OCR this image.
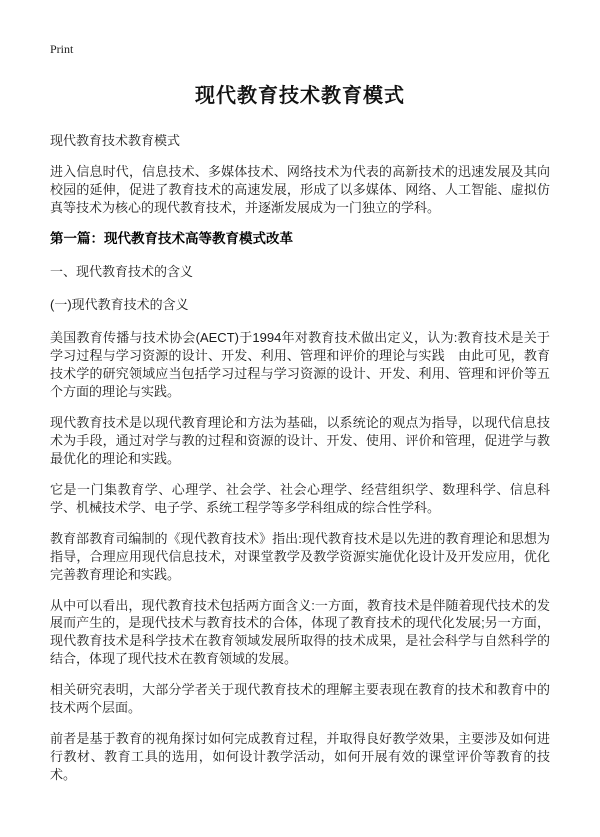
Print
现代教育技术教育模式

现代教育技术教育模式

进入信息时代，信息技术、多媒体技术、网络技术为代表的高新技术的迅速发展及其向校园的延伸，促进了教育技术的高速发展，形成了以多媒体、网络、人工智能、虚拟仿真等技术为核心的现代教育技术，并逐渐发展成为一门独立的学科。

第一篇：现代教育技术高等教育模式改革

一、现代教育技术的含义

(一)现代教育技术的含义

美国教育传播与技术协会(AECT)于1994年对教育技术做出定义，认为:教育技术是关于学习过程与学习资源的设计、开发、利用、管理和评价的理论与实践　由此可见，教育技术学的研究领域应当包括学习过程与学习资源的设计、开发、利用、管理和评价等五个方面的理论与实践。

现代教育技术是以现代教育理论和方法为基础，以系统论的观点为指导，以现代信息技术为手段，通过对学与教的过程和资源的设计、开发、使用、评价和管理，促进学与教最优化的理论和实践。

它是一门集教育学、心理学、社会学、社会心理学、经营组织学、数理科学、信息科学、机械技术学、电子学、系统工程学等多学科组成的综合性学科。

教育部教育司编制的《现代教育技术》指出:现代教育技术是以先进的教育理论和思想为指导，合理应用现代信息技术，对课堂教学及教学资源实施优化设计及开发应用，优化完善教育理论和实践。

从中可以看出，现代教育技术包括两方面含义:一方面，教育技术是伴随着现代技术的发展而产生的，是现代技术与教育技术的合体，体现了教育技术的现代化发展;另一方面，现代教育技术是科学技术在教育领域发展所取得的技术成果，是社会科学与自然科学的结合，体现了现代技术在教育领域的发展。

相关研究表明，大部分学者关于现代教育技术的理解主要表现在教育的技术和教育中的技术两个层面。

前者是基于教育的视角探讨如何完成教育过程，并取得良好教学效果，主要涉及如何进行教材、教育工具的选用，如何设计教学活动，如何开展有效的课堂评价等教育的技术。
